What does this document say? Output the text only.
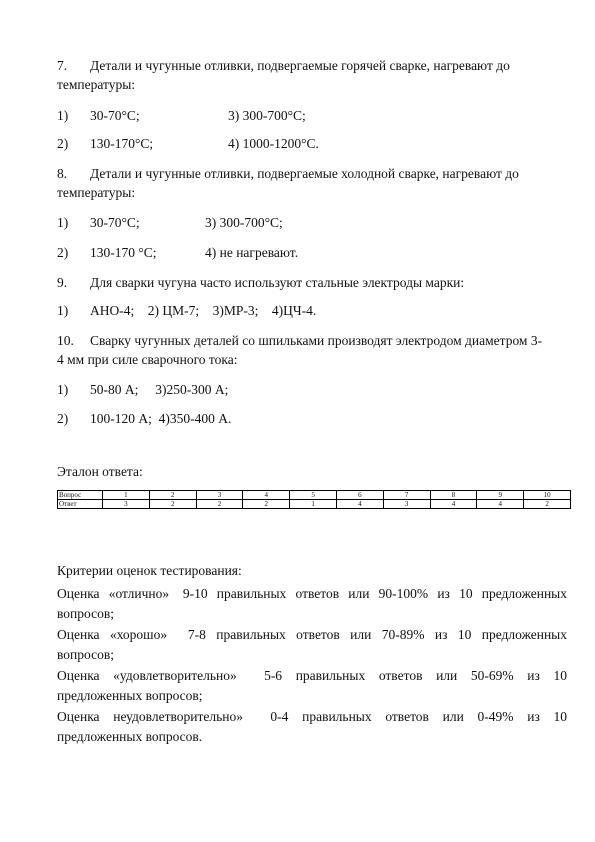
7. Детали и чугунные отливки, подвергаемые горячей сварке, нагревают до
температуры:
1) 30-70°С;	3) 300-700°С;
2) 130-170°С;	4) 1000-1200°С.
8. Детали и чугунные отливки, подвергаемые холодной сварке, нагревают до
температуры:
1) 30-70°С;	3) 300-700°С;
2) 130-170 °С;	4) не нагревают.
9. Для сварки чугуна часто используют стальные электроды марки:
1) АНО-4;    2) ЦМ-7;    3)МР-3;    4)ЦЧ-4.
10. Сварку чугунных деталей со шпильками производят электродом диаметром 3-
4 мм при силе сварочного тока:
1) 50-80 А;     3)250-300 А;
2) 100-120 А;  4)350-400 А.
Эталон ответа:
Вопрос	1	2	3	4	5	6	7	8	9	10
Ответ	3	2	2	2	1	4	3	4	4	2
Критерии оценок тестирования:
Оценка  «отлично»   9-10  правильных  ответов  или  90-100%  из  10  предложенных
вопросов;
Оценка  «хорошо»    7-8  правильных  ответов  или  70-89%  из  10  предложенных
вопросов;
Оценка  «удовлетворительно»    5-6  правильных  ответов  или  50-69%  из  10
предложенных вопросов;
Оценка  неудовлетворительно»    0-4  правильных  ответов  или  0-49%  из  10
предложенных вопросов.
